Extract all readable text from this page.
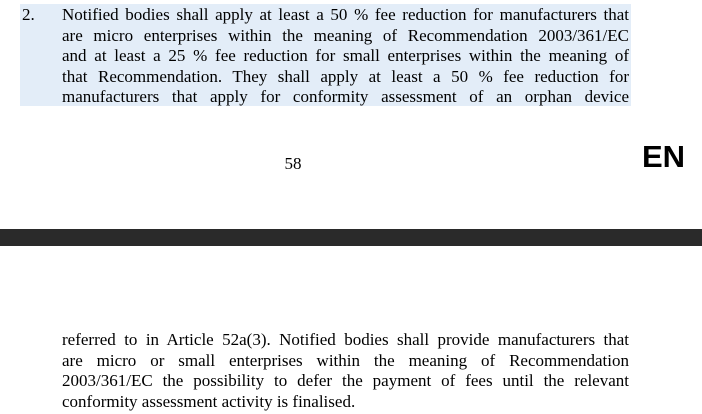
2. Notified bodies shall apply at least a 50 % fee reduction for manufacturers that
are micro enterprises within the meaning of Recommendation 2003/361/EC
and at least a 25 % fee reduction for small enterprises within the meaning of
that Recommendation. They shall apply at least a 50 % fee reduction for
manufacturers that apply for conformity assessment of an orphan device
58	EN
referred to in Article 52a(3). Notified bodies shall provide manufacturers that
are micro or small enterprises within the meaning of Recommendation
2003/361/EC the possibility to defer the payment of fees until the relevant
conformity assessment activity is finalised.
